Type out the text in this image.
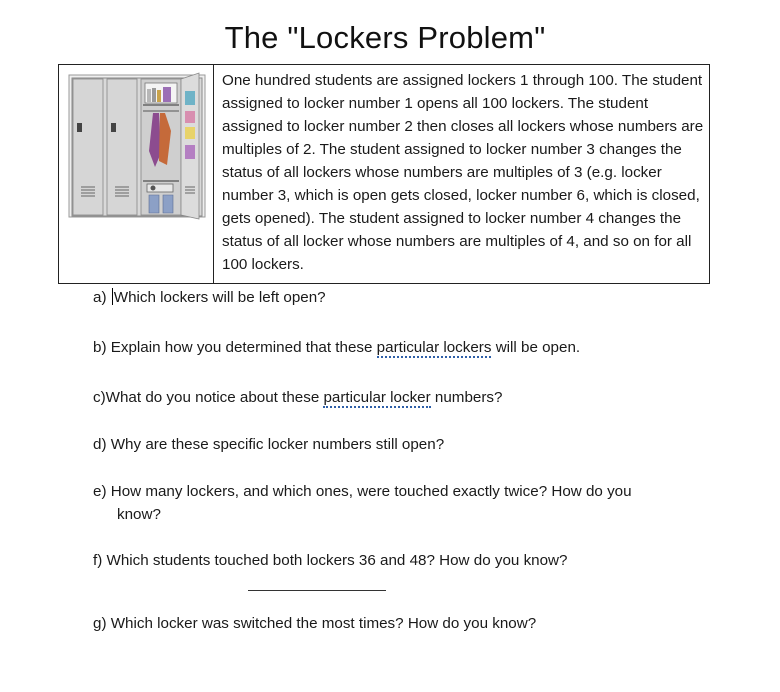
The "Lockers Problem"

One hundred students are assigned lockers 1 through 100. The student assigned to locker number 1 opens all 100 lockers. The student assigned to locker number 2 then closes all lockers whose numbers are multiples of 2. The student assigned to locker number 3 changes the status of all lockers whose numbers are multiples of 3 (e.g. locker number 3, which is open gets closed, locker number 6, which is closed, gets opened). The student assigned to locker number 4 changes the status of all locker whose numbers are multiples of 4, and so on for all 100 lockers.

a) Which lockers will be left open?

b) Explain how you determined that these particular lockers will be open.

c)What do you notice about these particular locker numbers?

d) Why are these specific locker numbers still open?

e) How many lockers, and which ones, were touched exactly twice? How do you
know?

f) Which students touched both lockers 36 and 48? How do you know?

g) Which locker was switched the most times? How do you know?
